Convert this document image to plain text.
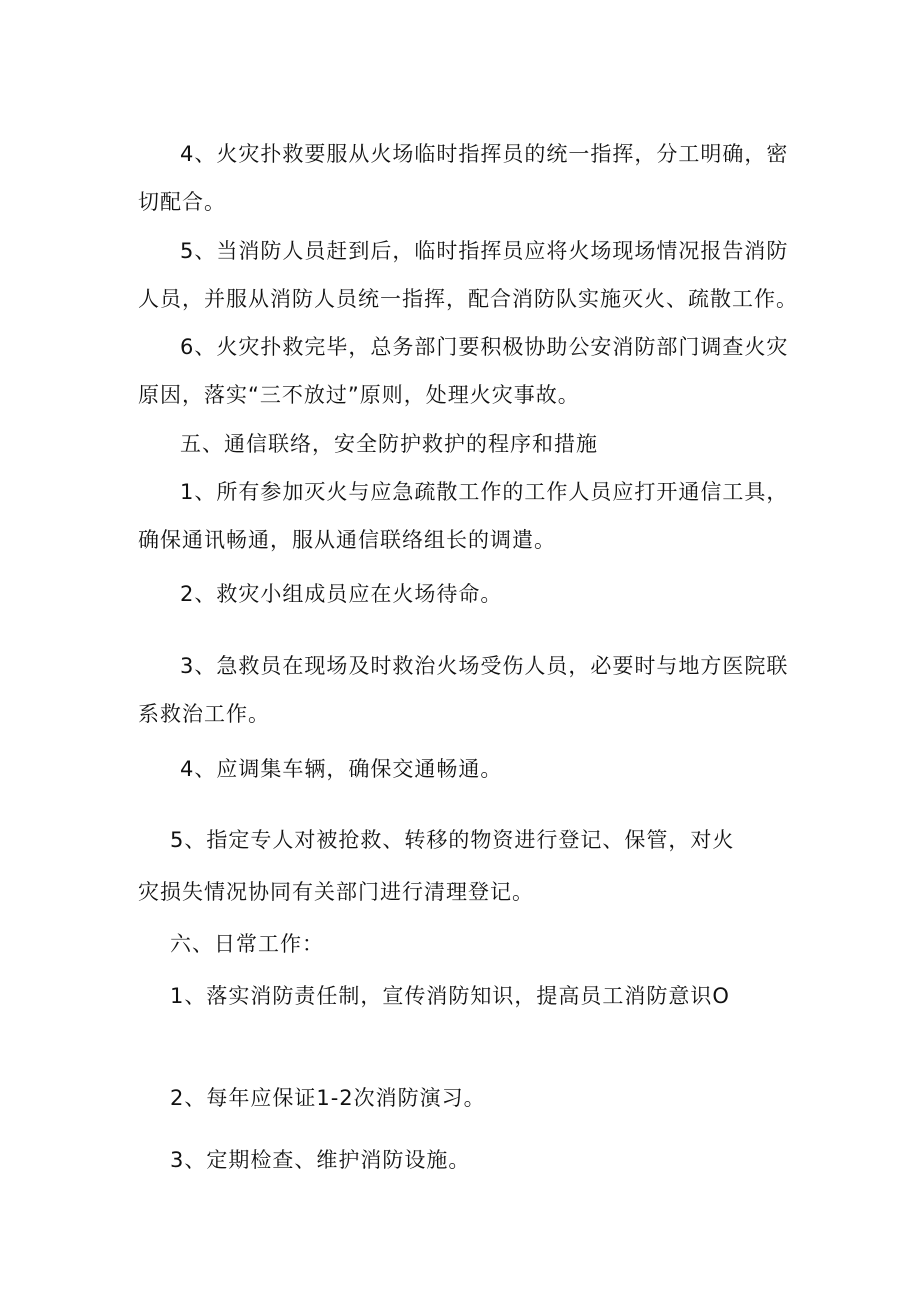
4、火灾扑救要服从火场临时指挥员的统一指挥，分工明确，密

切配合。

5、当消防人员赶到后，临时指挥员应将火场现场情况报告消防

人员，并服从消防人员统一指挥，配合消防队实施灭火、疏散工作。

6、火灾扑救完毕，总务部门要积极协助公安消防部门调查火灾

原因，落实“三不放过”原则，处理火灾事故。

五、通信联络，安全防护救护的程序和措施

1、所有参加灭火与应急疏散工作的工作人员应打开通信工具，

确保通讯畅通，服从通信联络组长的调遣。

2、救灾小组成员应在火场待命。

3、急救员在现场及时救治火场受伤人员，必要时与地方医院联

系救治工作。

4、应调集车辆，确保交通畅通。

5、指定专人对被抢救、转移的物资进行登记、保管，对火

灾损失情况协同有关部门进行清理登记。

六、日常工作：

1、落实消防责任制，宣传消防知识，提高员工消防意识O

2、每年应保证1-2次消防演习。

3、定期检查、维护消防设施。
